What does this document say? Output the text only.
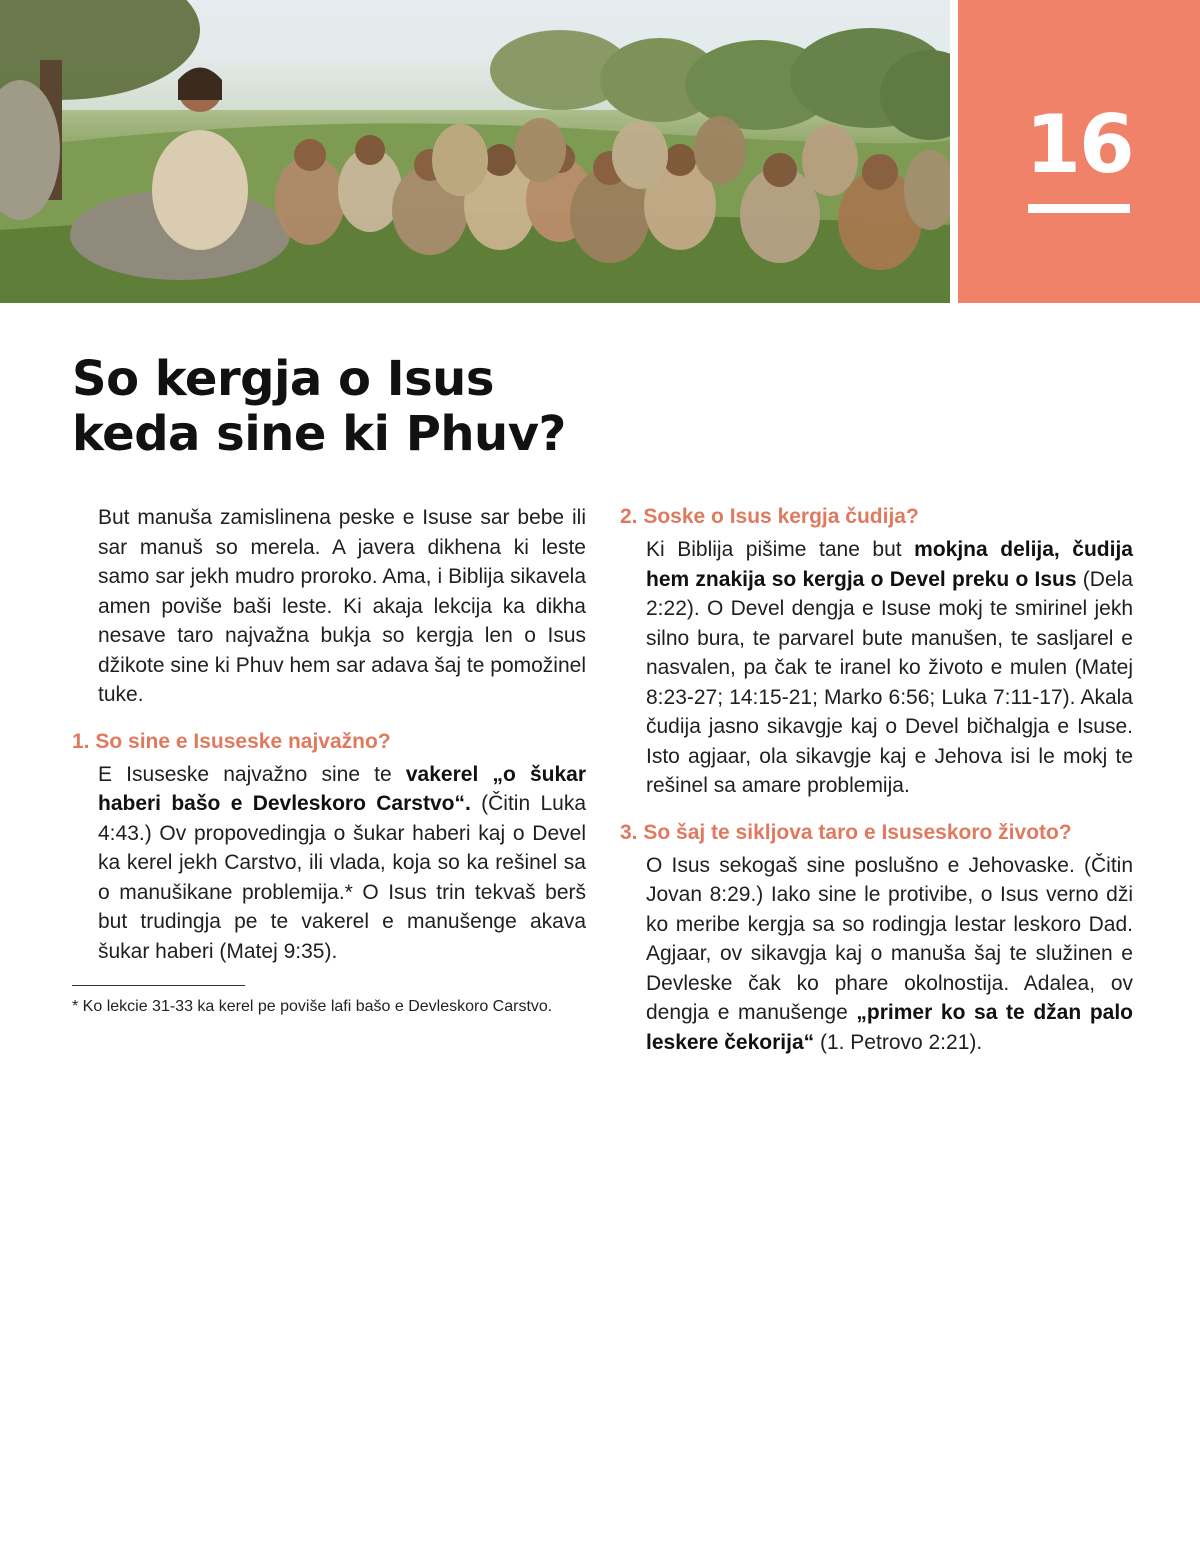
16
So kergja o Isus
keda sine ki Phuv?

But manuša zamislinena peske e Isuse sar bebe ili sar manuš so merela. A javera dikhena ki leste samo sar jekh mudro proroko. Ama, i Biblija sikavela amen poviše baši leste. Ki akaja lekcija ka dikha nesave taro najvažna bukja so kergja len o Isus džikote sine ki Phuv hem sar adava šaj te pomožinel tuke.

1. So sine e Isuseske najvažno?

E Isuseske najvažno sine te vakerel „o šukar haberi bašo e Devleskoro Carstvo“. (Čitin Luka 4:43.) Ov propovedingja o šukar haberi kaj o Devel ka kerel jekh Carstvo, ili vlada, koja so ka rešinel sa o manušikane problemija.* O Isus trin tekvaš berš but trudingja pe te vakerel e manušenge akava šukar haberi (Matej 9:35).

* Ko lekcie 31-33 ka kerel pe poviše lafi bašo e Devleskoro Carstvo.
2. Soske o Isus kergja čudija?

Ki Biblija pišime tane but mokjna delija, čudija hem znakija so kergja o Devel preku o Isus (Dela 2:22). O Devel dengja e Isuse mokj te smirinel jekh silno bura, te parvarel bute manušen, te sasljarel e nasvalen, pa čak te iranel ko životo e mulen (Matej 8:23-27; 14:15-21; Marko 6:56; Luka 7:11-17). Akala čudija jasno sikavgje kaj o Devel bičhalgja e Isuse. Isto agjaar, ola sikavgje kaj e Jehova isi le mokj te rešinel sa amare problemija.

3. So šaj te sikljova taro e Isuseskoro životo?

O Isus sekogaš sine poslušno e Jehovaske. (Čitin Jovan 8:29.) Iako sine le protivibe, o Isus verno dži ko meribe kergja sa so rodingja lestar leskoro Dad. Agjaar, ov sikavgja kaj o manuša šaj te služinen e Devleske čak ko phare okolnostija. Adalea, ov dengja e manušenge „primer ko sa te džan palo leskere čekorija“ (1. Petrovo 2:21).
